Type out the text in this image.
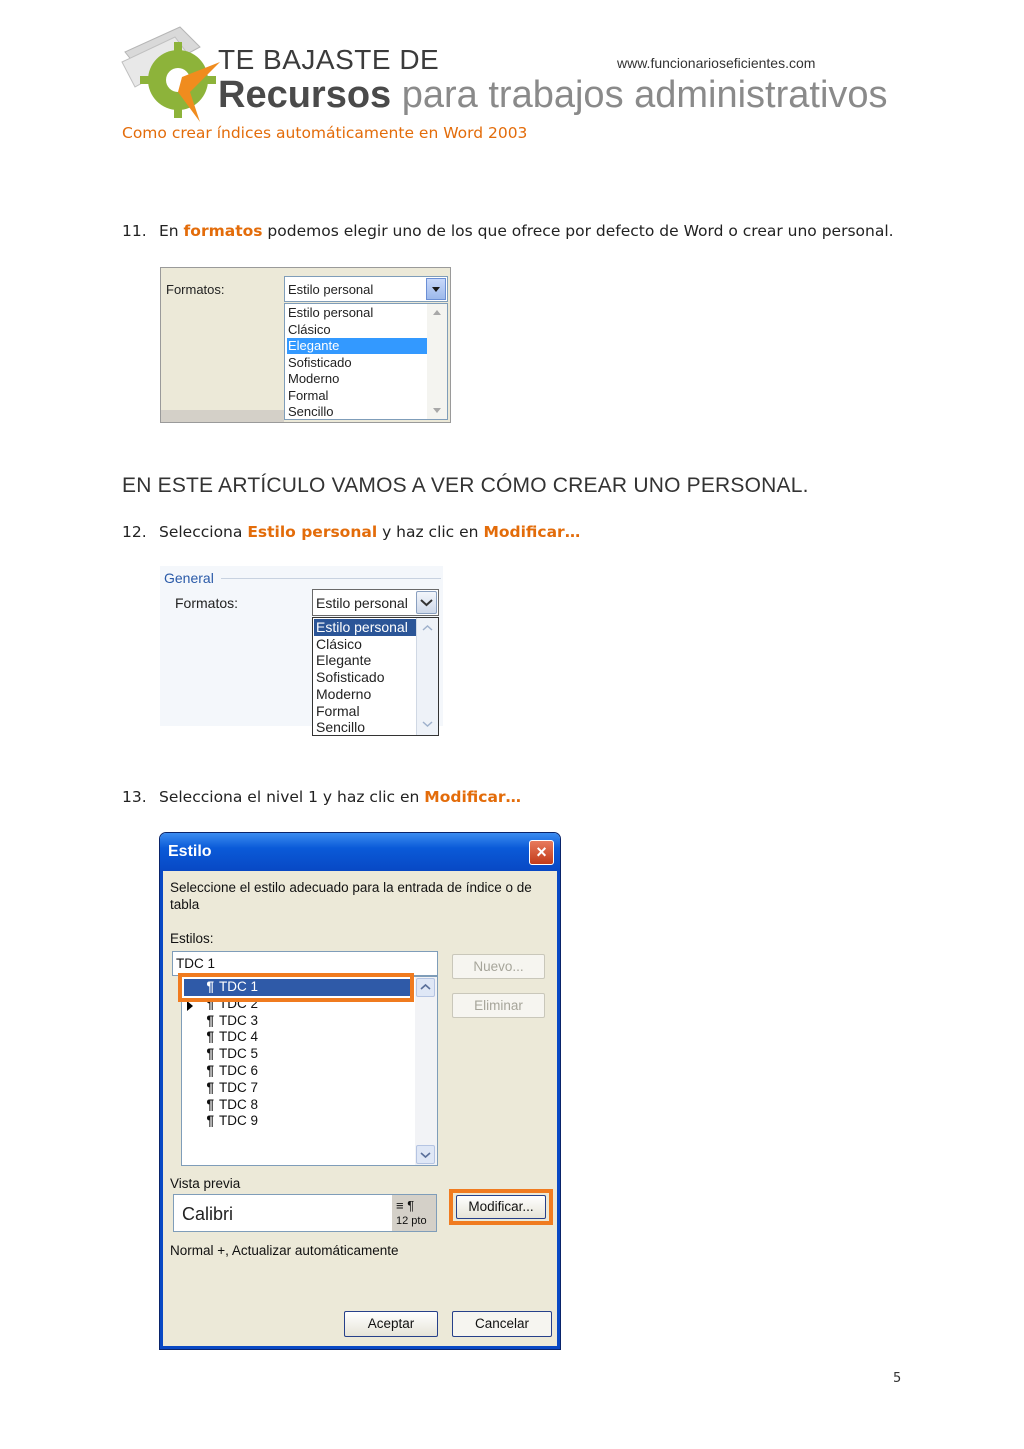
TE BAJASTE DE
Recursos para trabajos administrativos
www.funcionarioseficientes.com
Como crear índices automáticamente en Word 2003
11. En formatos podemos elegir uno de los que ofrece por defecto de Word o crear uno personal.
Formatos:	Estilo personal
Sencillo
Formal
Moderno
Sofisticado
Elegante
Clásico
Estilo personal
EN ESTE ARTÍCULO VAMOS A VER CÓMO CREAR UNO PERSONAL.
12. Selecciona Estilo personal y haz clic en Modificar…
General
Formatos:	Estilo personal
Sencillo
Formal
Moderno
Sofisticado
Elegante
Clásico
Estilo personal
13. Selecciona el nivel 1 y haz clic en Modificar…
Estilo	×
Seleccione el estilo adecuado para la entrada de índice o de tabla
Estilos:
TDC 1
¶ TDC 9
¶ TDC 8
¶ TDC 7
¶ TDC 6
¶ TDC 5
¶ TDC 4
¶ TDC 3
¶ TDC 2
¶ TDC 1
Nuevo...
Eliminar
Vista previa
Calibri	≡ ¶
12 pto
Modificar...
Normal +, Actualizar automáticamente
Aceptar	Cancelar
5
